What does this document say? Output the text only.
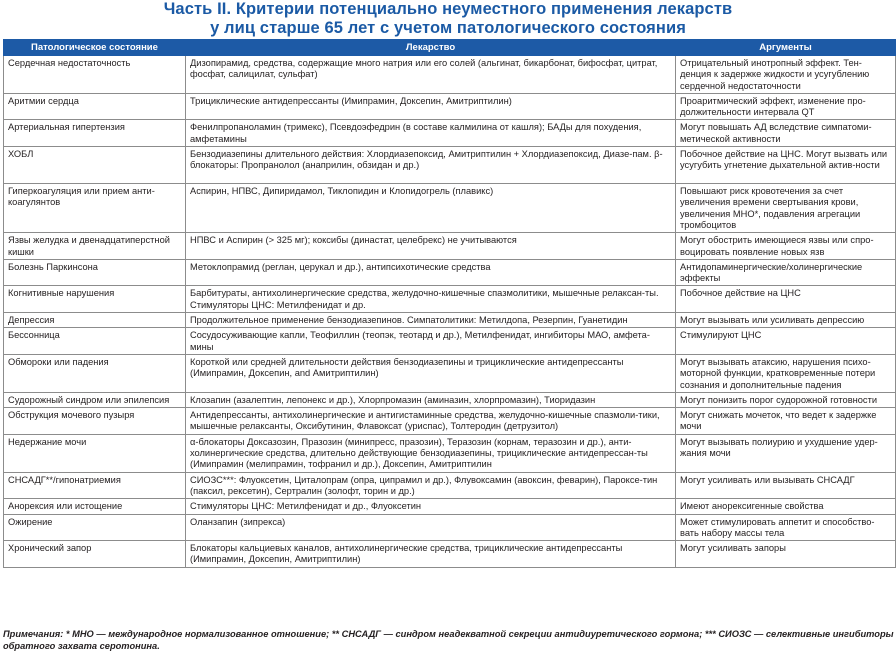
Часть II. Критерии потенциально неуместного применения лекарств
у лиц старше 65 лет с учетом патологического состояния
Патологическое состояние	Лекарство	Аргументы
Сердечная недостаточность	Дизопирамид, средства, содержащие много натрия или его солей (альгинат, бикарбонат, бифосфат, цитрат, фосфат, салицилат, сульфат)	Отрицательный инотропный эффект. Тен-денция к задержке жидкости и усугублению сердечной недостаточности
Аритмии сердца	Трициклические антидепрессанты (Имипрамин, Доксепин, Амитриптилин)	Проаритмический эффект, изменение про-должительности интервала QT
Артериальная гипертензия	Фенилпропаноламин (тримекс), Псевдоэфедрин (в составе калмилина от кашля); БАДы для похудения, амфетамины	Могут повышать АД вследствие симпатоми-метической активности
ХОБЛ	Бензодиазепины длительного действия: Хлордиазепоксид, Амитриптилин + Хлордиазепоксид, Диазе-пам. β-блокаторы: Пропранолол (анаприлин, обзидан и др.)	Побочное действие на ЦНС. Могут вызвать или усугубить угнетение дыхательной актив-ности
Гиперкоагуляция или прием анти-коагулянтов	Аспирин, НПВС, Дипиридамол, Тиклопидин и Клопидогрель (плавикс)	Повышают риск кровотечения за счет увеличения времени свертывания крови, увеличения МНО*, подавления агрегации тромбоцитов
Язвы желудка и двенадцатиперстной кишки	НПВС и Аспирин (> 325 мг); коксибы (династат, целебрекс) не учитываются	Могут обострить имеющиеся язвы или спро-воцировать появление новых язв
Болезнь Паркинсона	Метоклопрамид (реглан, церукал и др.), антипсихотические средства	Антидопаминергические/холинергические эффекты
Когнитивные нарушения	Барбитураты, антихолинергические средства, желудочно-кишечные спазмолитики, мышечные релаксан-ты. Стимуляторы ЦНС: Метилфенидат и др.	Побочное действие на ЦНС
Депрессия	Продолжительное применение бензодиазепинов. Симпатолитики: Метилдопа, Резерпин, Гуанетидин	Могут вызывать или усиливать депрессию
Бессонница	Сосудосуживающие капли, Теофиллин (теопэк, теотард и др.), Метилфенидат, ингибиторы МАО, амфета-мины	Стимулируют ЦНС
Обмороки или падения	Короткой или средней длительности действия бензодиазепины и трициклические антидепрессанты (Имипрамин, Доксепин, and Амитриптилин)	Могут вызывать атаксию, нарушения психо-моторной функции, кратковременные потери сознания и дополнительные падения
Судорожный синдром или эпилепсия	Клозапин (азалептин, лепонекс и др.), Хлорпромазин (аминазин, хлорпромазин), Тиоридазин	Могут понизить порог судорожной готовности
Обструкция мочевого пузыря	Антидепрессанты, антихолинергические и антигистаминные средства, желудочно-кишечные спазмоли-тики, мышечные релаксанты, Оксибутинин, Флавоксат (уриспас), Толтеродин (детрузитол)	Могут снижать мочеток, что ведет к задержке мочи
Недержание мочи	α-блокаторы Доксазозин, Празозин (минипресс, празозин), Теразозин (корнам, теразозин и др.), анти-холинергические средства, длительно действующие бензодиазепины, трициклические антидепрессан-ты (Имипрамин (мелипрамин, тофранил и др.), Доксепин, Амитриптилин	Могут вызывать полиурию и ухудшение удер-жания мочи
СНСАДГ**/гипонатриемия	СИОЗС***: Флуоксетин, Циталопрам (опра, ципрамил и др.), Флувоксамин (авоксин, феварин), Пароксе-тин (паксил, рексетин), Сертралин (золофт, торин и др.)	Могут усиливать или вызывать СНСАДГ
Анорексия или истощение	Стимуляторы ЦНС: Метилфенидат и др., Флуоксетин	Имеют анорексигенные свойства
Ожирение	Оланзапин (зипрекса)	Может стимулировать аппетит и способство-вать набору массы тела
Хронический запор	Блокаторы кальциевых каналов, антихолинергические средства, трициклические антидепрессанты (Имипрамин, Доксепин, Амитриптилин)	Могут усиливать запоры
Примечания: * МНО — международное нормализованное отношение; ** СНСАДГ — синдром неадекватной секреции антидиуретического гормона; *** СИОЗС — селективные ингибиторы обратного захвата серотонина.
